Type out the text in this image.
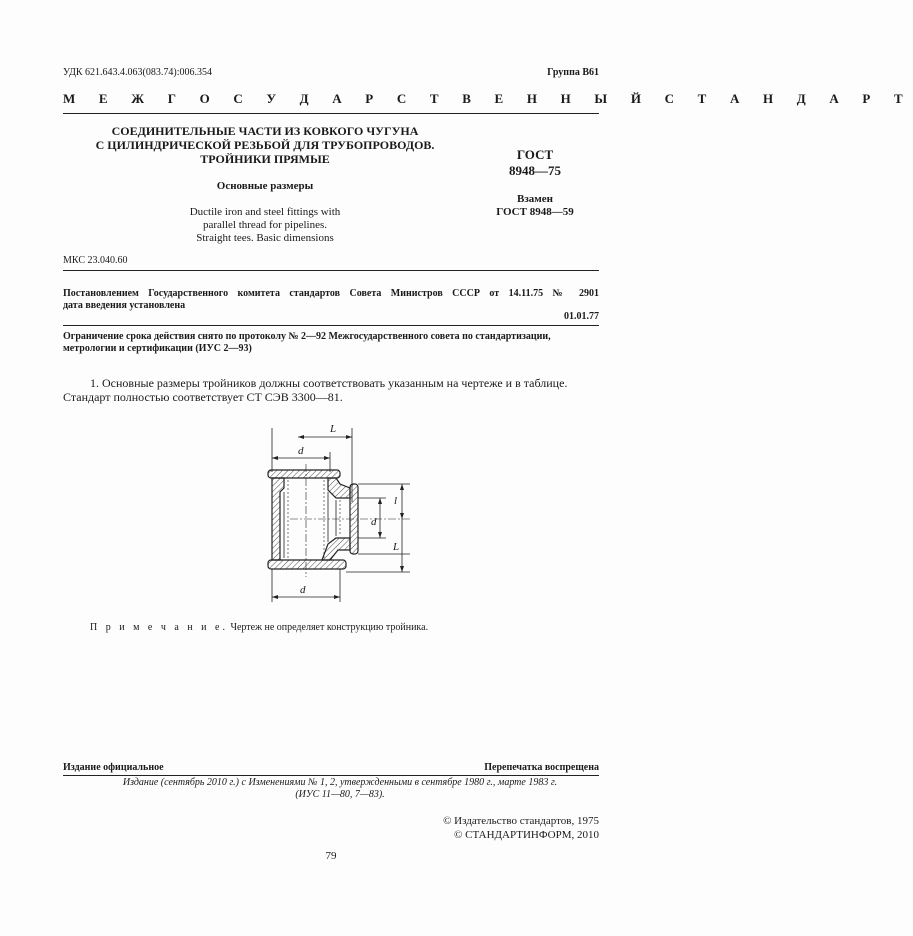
УДК 621.643.4.063(083.74):006.354	Группа В61
М Е Ж Г О С У Д А Р С Т В Е Н Н Ы Й С Т А Н Д А Р Т
СОЕДИНИТЕЛЬНЫЕ ЧАСТИ ИЗ КОВКОГО ЧУГУНА
С ЦИЛИНДРИЧЕСКОЙ РЕЗЬБОЙ ДЛЯ ТРУБОПРОВОДОВ.
ТРОЙНИКИ ПРЯМЫЕ
Основные размеры
Ductile iron and steel fittings with
parallel thread for pipelines.
Straight tees. Basic dimensions
ГОСТ
8948—75
Взамен
ГОСТ 8948—59
МКС 23.040.60
Постановлением Государственного комитета стандартов Совета Министров СССР от 14.11.75 № 2901
дата введения установлена
01.01.77
Ограничение срока действия снято по протоколу № 2—92 Межгосударственного совета по стандартизации, метрологии и сертификации (ИУС 2—93)
1. Основные размеры тройников должны соответствовать указанным на чертеже и в таблице.
Стандарт полностью соответствует СТ СЭВ 3300—81.
L
d
d
l
L
d
П р и м е ч а н и е. Чертеж не определяет конструкцию тройника.
Издание официальное	Перепечатка воспрещена
Издание (сентябрь 2010 г.) с Изменениями № 1, 2, утвержденными в сентябре 1980 г., марте 1983 г.
(ИУС 11—80, 7—83).
© Издательство стандартов, 1975
© СТАНДАРТИНФОРМ, 2010
79
